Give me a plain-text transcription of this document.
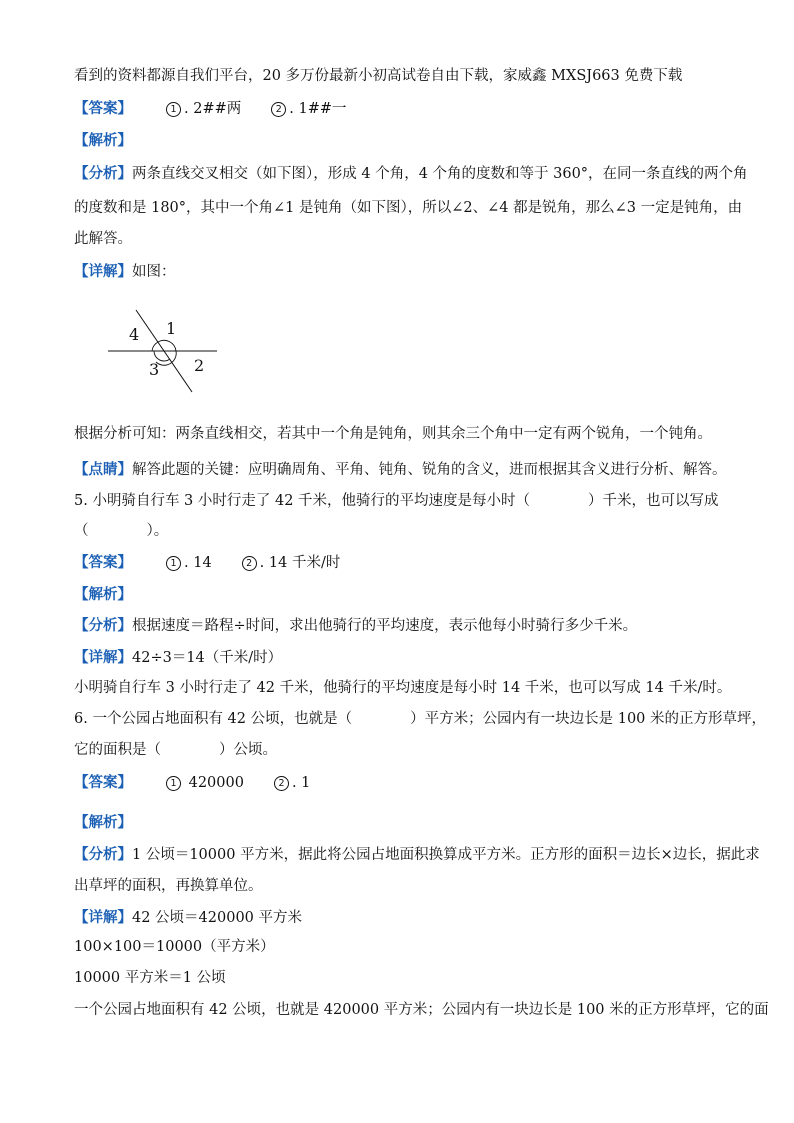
看到的资料都源自我们平台，20 多万份最新小初高试卷自由下载，家威鑫 MXSJ663 免费下载
【答案】	1 . 2##两	2 . 1##一
【解析】
【分析】两条直线交叉相交（如下图），形成 4 个角，4 个角的度数和等于 360°，在同一条直线的两个角
的度数和是 180°，其中一个角∠1 是钝角（如下图），所以∠2、∠4 都是锐角，那么∠3 一定是钝角，由
此解答。
【详解】如图：
4 1
3 2
根据分析可知：两条直线相交，若其中一个角是钝角，则其余三个角中一定有两个锐角，一个钝角。
【点睛】解答此题的关键：应明确周角、平角、钝角、锐角的含义，进而根据其含义进行分析、解答。
5. 小明骑自行车 3 小时行走了 42 千米，他骑行的平均速度是每小时（　　　　）千米，也可以写成
（　　　　）。
【答案】	1 . 14	2 . 14 千米/时
【解析】
【分析】根据速度＝路程÷时间，求出他骑行的平均速度，表示他每小时骑行多少千米。
【详解】42÷3＝14（千米/时）
小明骑自行车 3 小时行走了 42 千米，他骑行的平均速度是每小时 14 千米，也可以写成 14 千米/时。
6. 一个公园占地面积有 42 公顷，也就是（　　　　）平方米；公园内有一块边长是 100 米的正方形草坪，
它的面积是（　　　　）公顷。
【答案】	1 420000	2 . 1
【解析】
【分析】1 公顷＝10000 平方米，据此将公园占地面积换算成平方米。正方形的面积＝边长×边长，据此求
出草坪的面积，再换算单位。
【详解】42 公顷＝420000 平方米
100×100＝10000（平方米）
10000 平方米＝1 公顷
一个公园占地面积有 42 公顷，也就是 420000 平方米；公园内有一块边长是 100 米的正方形草坪，它的面
